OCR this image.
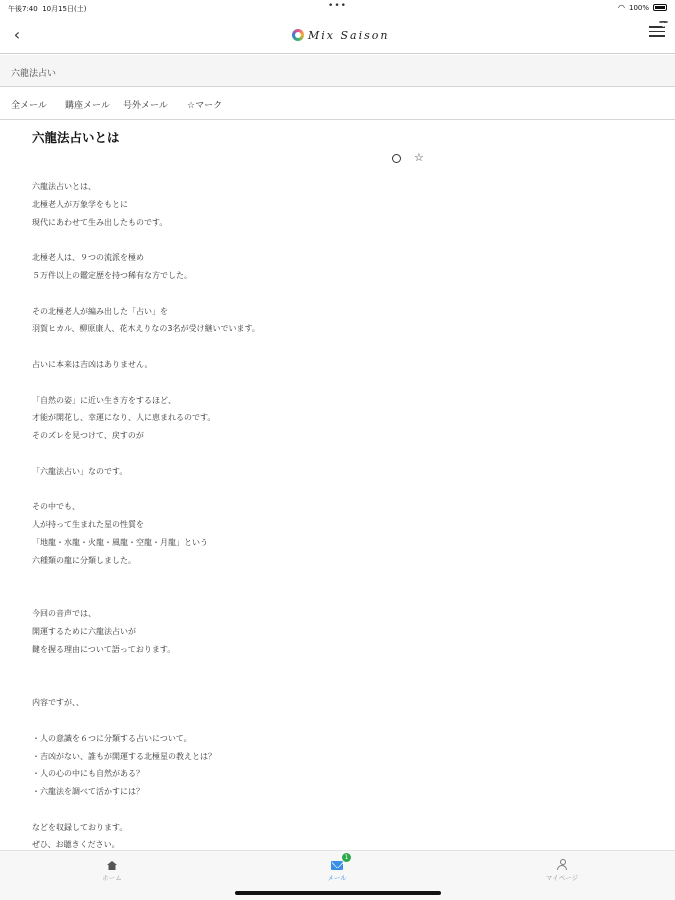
午後7:40 10月15日(土)	•••	◠ 100%
‹	Mix Saison
六龍法占い
全メール 購座メール 号外メール ☆マーク
六龍法占いとは
☆
六龍法占いとは、
北極老人が万象学をもとに
現代にあわせて生み出したものです。
北極老人は、９つの流派を極め
５万件以上の鑑定歴を持つ稀有な方でした。
その北極老人が編み出した「占い」を
羽賀ヒカル、柳原康人、花木えりなの3名が受け継いでいます。
占いに本来は吉凶はありません。
「自然の姿」に近い生き方をするほど、
才能が開花し、幸運になり、人に恵まれるのです。
そのズレを見つけて、戻すのが
「六龍法占い」なのです。
その中でも、
人が持って生まれた星の性質を
「地龍・水龍・火龍・風龍・空龍・月龍」という
六種類の龍に分類しました。
今回の音声では、
開運するために六龍法占いが
鍵を握る理由について語っております。
内容ですが、、
・人の意識を６つに分類する占いについて。
・吉凶がない、誰もが開運する北極星の教えとは？
・人の心の中にも自然がある？
・六龍法を調べて活かすには？
などを収録しております。
ぜひ、お聴きください。
ホーム
1
メール	マイページ
